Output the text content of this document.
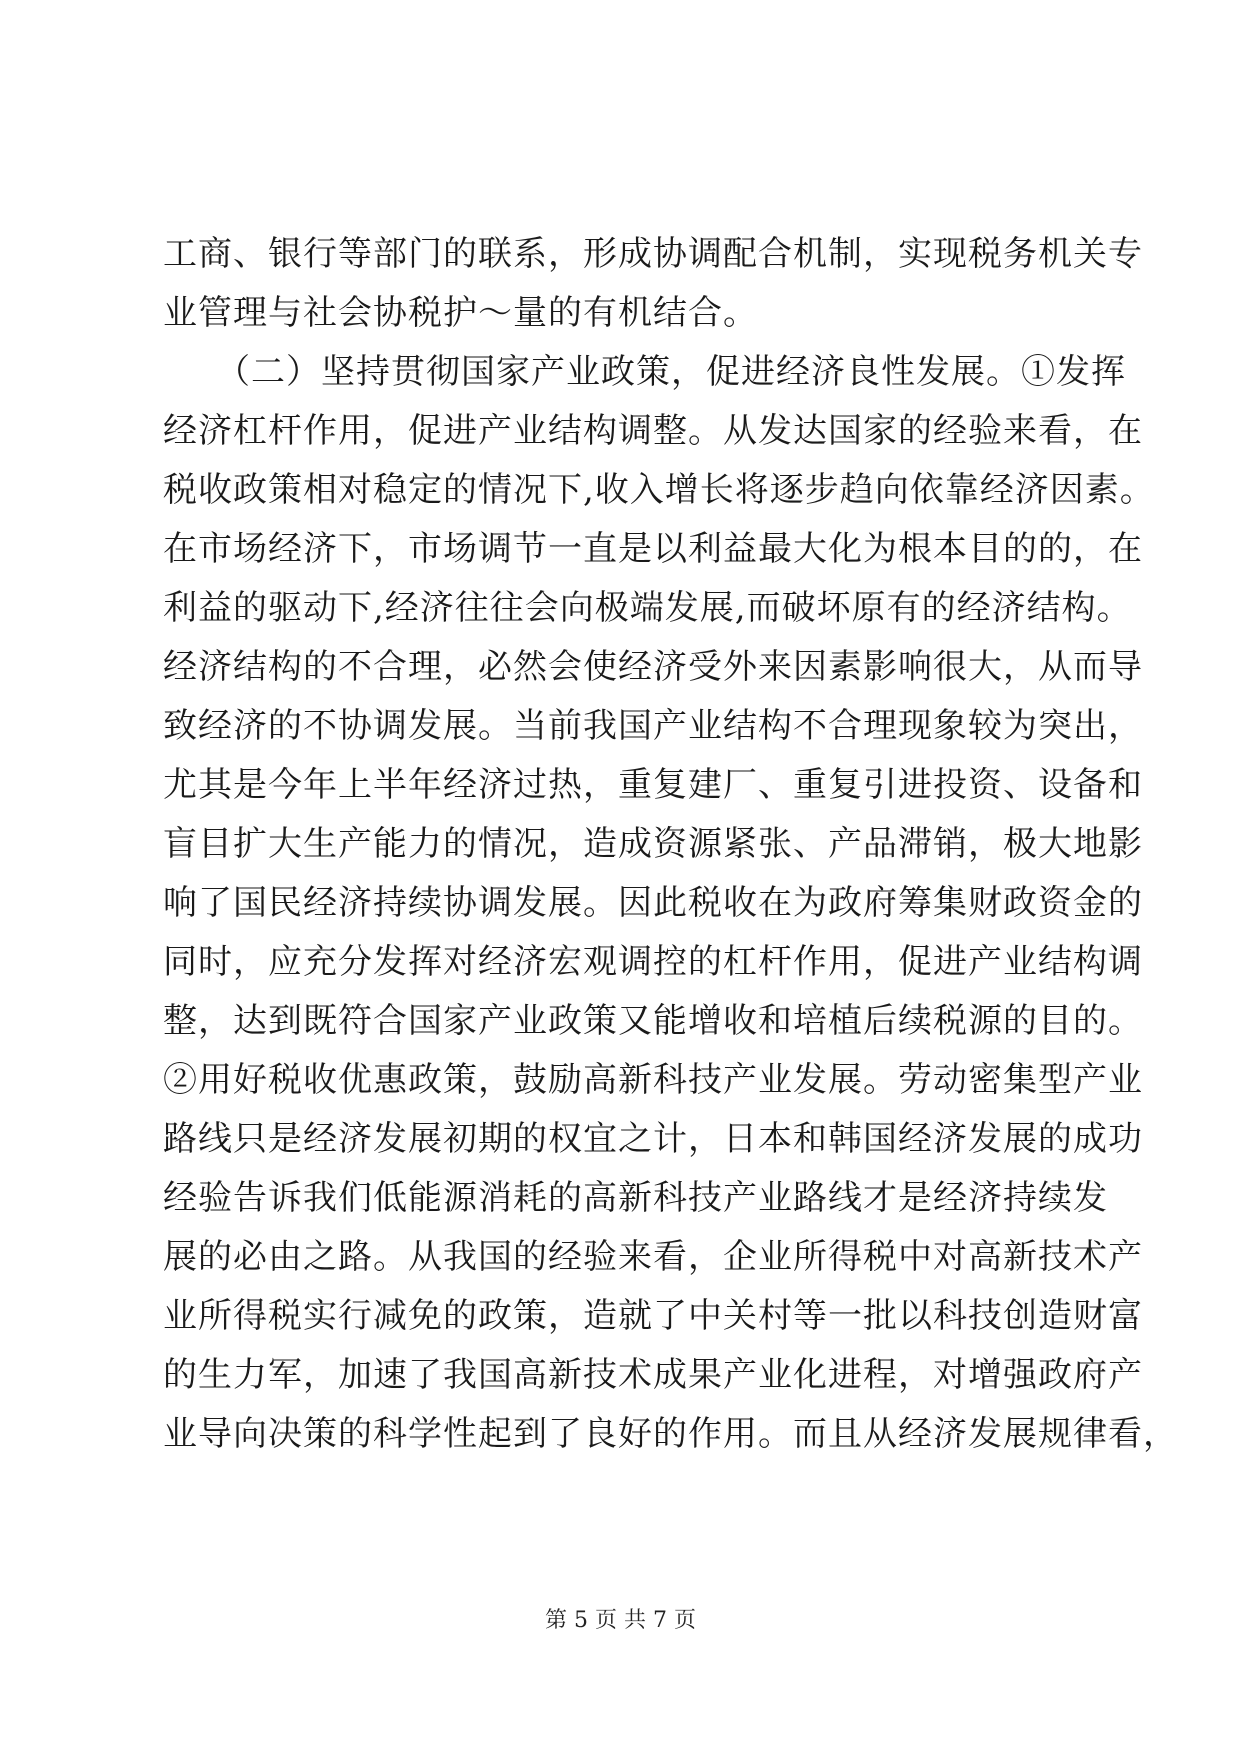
工商、银行等部门的联系，形成协调配合机制，实现税务机关专
业管理与社会协税护～量的有机结合。
　　（二）坚持贯彻国家产业政策，促进经济良性发展。①发挥
经济杠杆作用，促进产业结构调整。从发达国家的经验来看，在
税收政策相对稳定的情况下,收入增长将逐步趋向依靠经济因素。
在市场经济下，市场调节一直是以利益最大化为根本目的的，在
利益的驱动下,经济往往会向极端发展,而破坏原有的经济结构。
经济结构的不合理，必然会使经济受外来因素影响很大，从而导
致经济的不协调发展。当前我国产业结构不合理现象较为突出，
尤其是今年上半年经济过热，重复建厂、重复引进投资、设备和
盲目扩大生产能力的情况，造成资源紧张、产品滞销，极大地影
响了国民经济持续协调发展。因此税收在为政府筹集财政资金的
同时，应充分发挥对经济宏观调控的杠杆作用，促进产业结构调
整，达到既符合国家产业政策又能增收和培植后续税源的目的。
②用好税收优惠政策，鼓励高新科技产业发展。劳动密集型产业
路线只是经济发展初期的权宜之计，日本和韩国经济发展的成功
经验告诉我们低能源消耗的高新科技产业路线才是经济持续发
展的必由之路。从我国的经验来看，企业所得税中对高新技术产
业所得税实行减免的政策，造就了中关村等一批以科技创造财富
的生力军，加速了我国高新技术成果产业化进程，对增强政府产
业导向决策的科学性起到了良好的作用。而且从经济发展规律看，
第 5 页 共 7 页
